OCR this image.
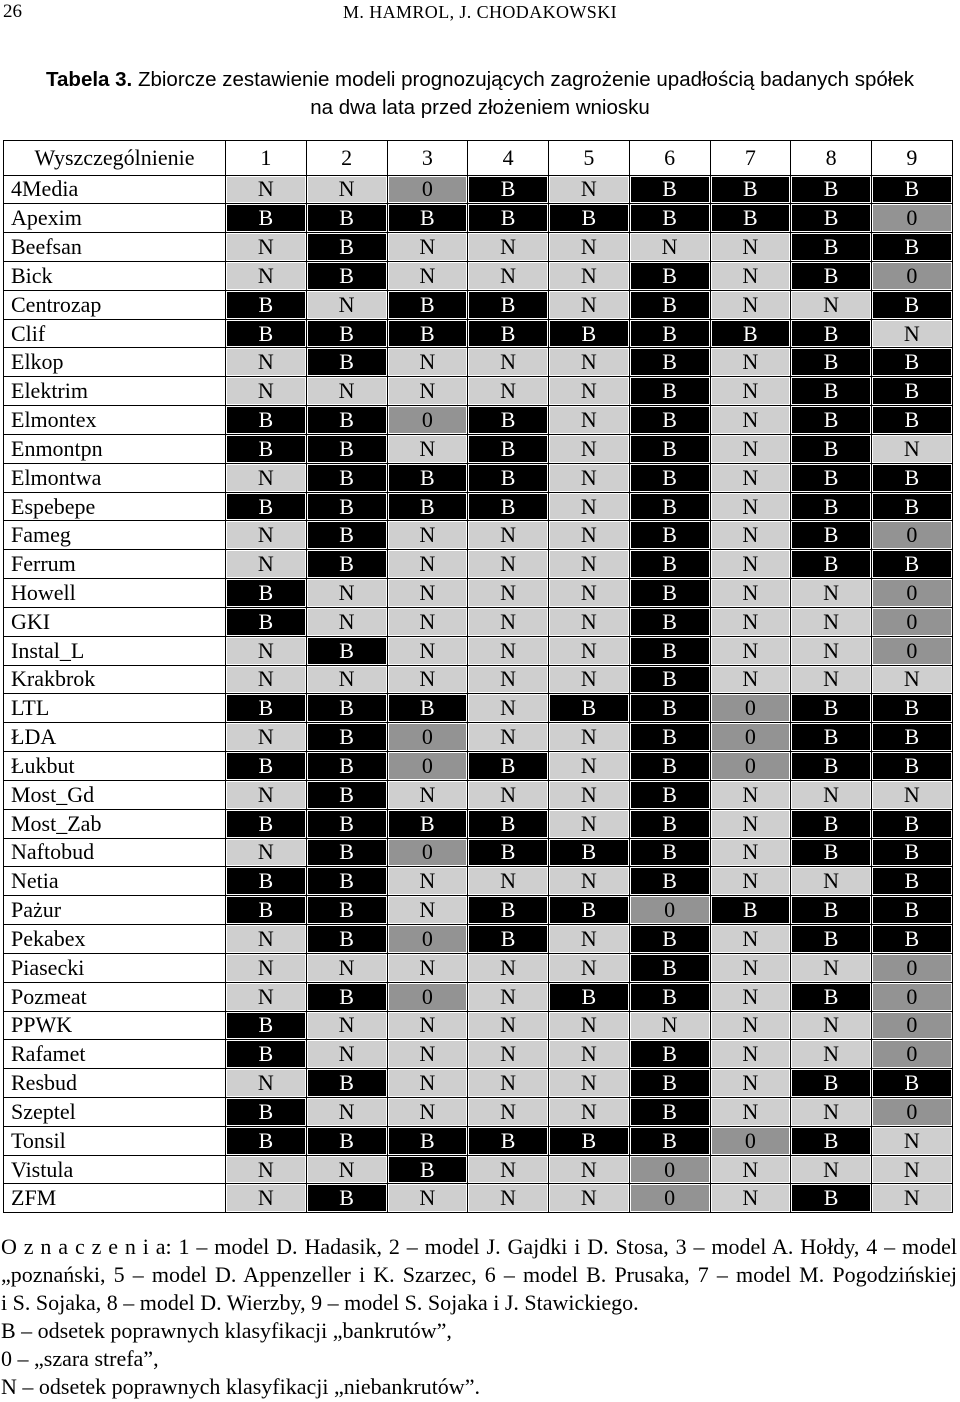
26	M. HAMROL, J. CHODAKOWSKI
Tabela 3. Zbiorcze zestawienie modeli prognozujących zagrożenie upadłością badanych spółek
na dwa lata przed złożeniem wniosku
Wyszczególnienie	1	2	3	4	5	6	7	8	9
4Media	N	N	0	B	N	B	B	B	B
Apexim	B	B	B	B	B	B	B	B	0
Beefsan	N	B	N	N	N	N	N	B	B
Bick	N	B	N	N	N	B	N	B	0
Centrozap	B	N	B	B	N	B	N	N	B
Clif	B	B	B	B	B	B	B	B	N
Elkop	N	B	N	N	N	B	N	B	B
Elektrim	N	N	N	N	N	B	N	B	B
Elmontex	B	B	0	B	N	B	N	B	B
Enmontpn	B	B	N	B	N	B	N	B	N
Elmontwa	N	B	B	B	N	B	N	B	B
Espebepe	B	B	B	B	N	B	N	B	B
Fameg	N	B	N	N	N	B	N	B	0
Ferrum	N	B	N	N	N	B	N	B	B
Howell	B	N	N	N	N	B	N	N	0
GKI	B	N	N	N	N	B	N	N	0
Instal_L	N	B	N	N	N	B	N	N	0
Krakbrok	N	N	N	N	N	B	N	N	N
LTL	B	B	B	N	B	B	0	B	B
ŁDA	N	B	0	N	N	B	0	B	B
Łukbut	B	B	0	B	N	B	0	B	B
Most_Gd	N	B	N	N	N	B	N	N	N
Most_Zab	B	B	B	B	N	B	N	B	B
Naftobud	N	B	0	B	B	B	N	B	B
Netia	B	B	N	N	N	B	N	N	B
Pażur	B	B	N	B	B	0	B	B	B
Pekabex	N	B	0	B	N	B	N	B	B
Piasecki	N	N	N	N	N	B	N	N	0
Pozmeat	N	B	0	N	B	B	N	B	0
PPWK	B	N	N	N	N	N	N	N	0
Rafamet	B	N	N	N	N	B	N	N	0
Resbud	N	B	N	N	N	B	N	B	B
Szeptel	B	N	N	N	N	B	N	N	0
Tonsil	B	B	B	B	B	B	0	B	N
Vistula	N	N	B	N	N	0	N	N	N
ZFM	N	B	N	N	N	0	N	B	N
O z n a c z e n i a: 1 – model D. Hadasik, 2 – model J. Gajdki i D. Stosa, 3 – model A. Hołdy, 4 – model
„poznański, 5 – model D. Appenzeller i K. Szarzec, 6 – model B. Prusaka, 7 – model M. Pogodzińskiej
i S. Sojaka, 8 – model D. Wierzby, 9 – model S. Sojaka i J. Stawickiego.
B – odsetek poprawnych klasyfikacji „bankrutów”,
0 – „szara strefa”,
N – odsetek poprawnych klasyfikacji „niebankrutów”.
